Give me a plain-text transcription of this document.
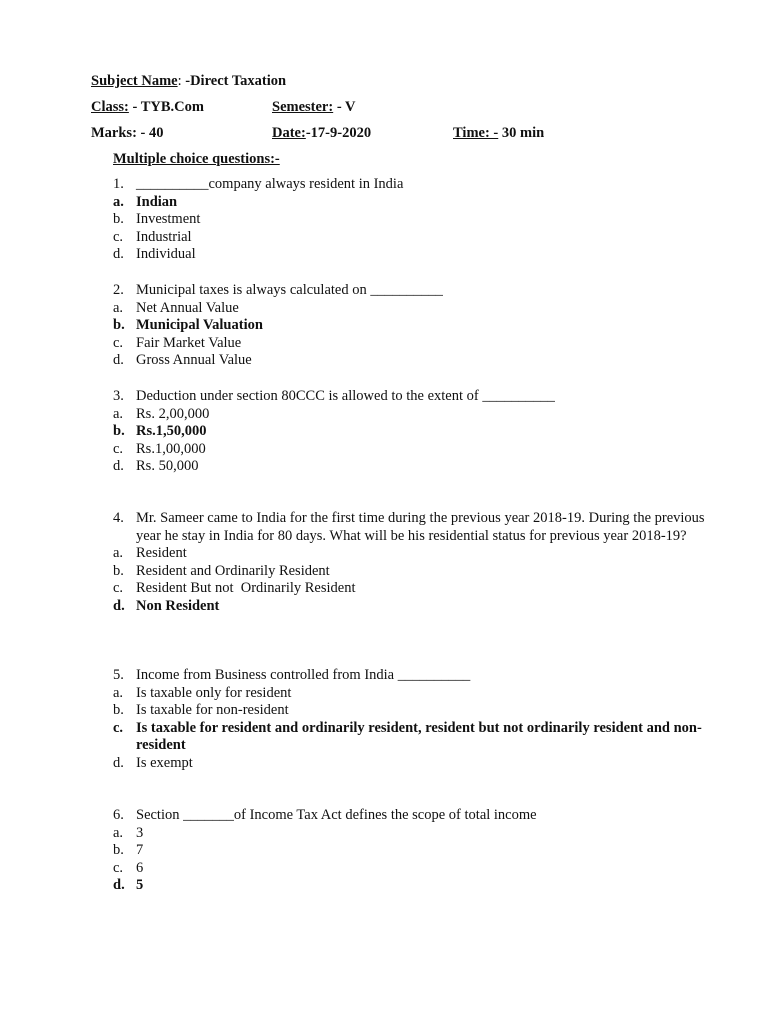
Subject Name: -Direct Taxation
Class: - TYB.Com	Semester: - V
Marks: - 40	Date:-17-9-2020	Time: - 30 min
Multiple choice questions:-
1. __________company always resident in India
a. Indian
b. Investment
c. Industrial
d. Individual
2. Municipal taxes is always calculated on __________
a. Net Annual Value
b. Municipal Valuation
c. Fair Market Value
d. Gross Annual Value
3. Deduction under section 80CCC is allowed to the extent of __________
a. Rs. 2,00,000
b. Rs.1,50,000
c. Rs.1,00,000
d. Rs. 50,000
4. Mr. Sameer came to India for the first time during the previous year 2018-19. During the previous year he stay in India for 80 days. What will be his residential status for previous year 2018-19?
a. Resident
b. Resident and Ordinarily Resident
c. Resident But not  Ordinarily Resident
d. Non Resident
5. Income from Business controlled from India __________
a. Is taxable only for resident
b. Is taxable for non-resident
c. Is taxable for resident and ordinarily resident, resident but not ordinarily resident and non-resident
d. Is exempt
6. Section _______of Income Tax Act defines the scope of total income
a. 3
b. 7
c. 6
d. 5
